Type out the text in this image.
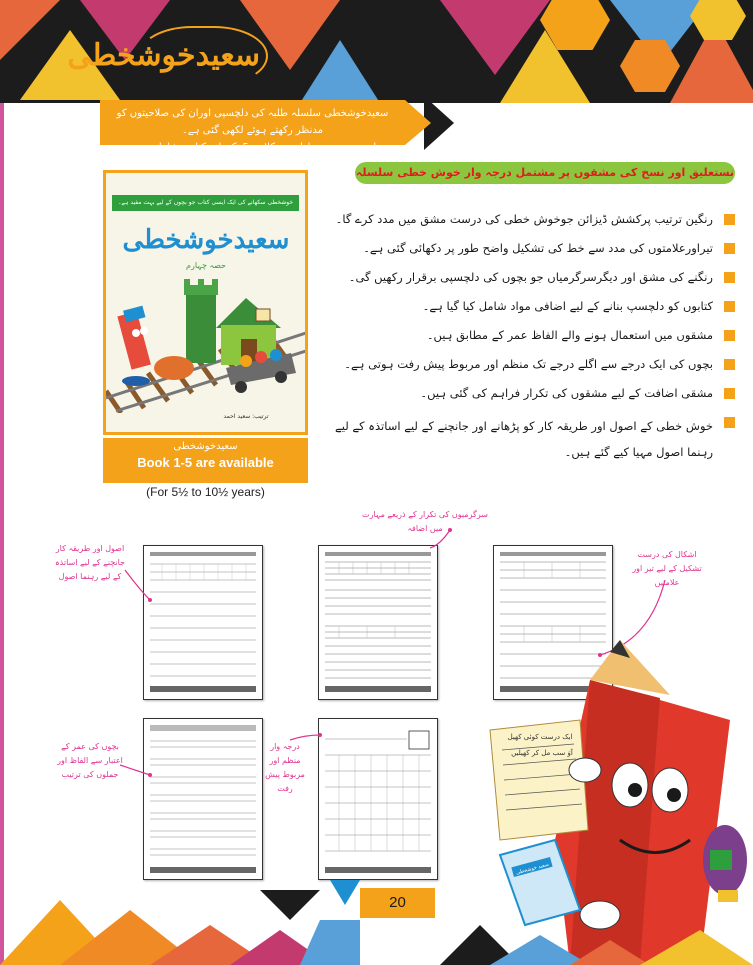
سعیدخوشخطی
سعیدخوشخطی سلسلہ طلبہ کی دلچسپی اوران کی صلاحیتوں کو مدنظر رکھتے ہوئے لکھی گئی ہے۔
اس سیریز میں اول سے کلاس 5 تک پانچ کتابیں شامل ہیں۔
خوشخطی سکھانے کی ایک ایسی کتاب جو بچوں کے لیے بہت مفید ہے۔
سعیدخوشخطی
حصہ چہارم
ترتیب: سعید احمد
سعیدخوشخطی
Book 1-5 are available
(For 5½ to 10½ years)
نستعلیق اور نسخ کی مشقوں پر مشتمل درجہ وار خوش خطی سلسلہ
رنگین ترتیب پرکشش ڈیزائن جوخوش خطی کی درست مشق میں مدد کرے گا۔
تیراورعلامتوں کی مدد سے خط کی تشکیل واضح طور پر دکھائی گئی ہے۔
رنگنے کی مشق اور دیگرسرگرمیاں جو بچوں کی دلچسپی برقرار رکھیں گی۔
کتابوں کو دلچسپ بنانے کے لیے اضافی مواد شامل کیا گیا ہے۔
مشقوں میں استعمال ہونے والے الفاظ عمر کے مطابق ہیں۔
بچوں کی ایک درجے سے اگلے درجے تک منظم اور مربوط پیش رفت ہوتی ہے۔
مشقی اضافت کے لیے مشقوں کی تکرار فراہم کی گئی ہیں۔
خوش خطی کے اصول اور طریقہ کار کو پڑھانے اور جانچنے کے لیے اساتذہ کے لیے رہنما اصول مہیا کیے گئے ہیں۔
سرگرمیوں کی تکرار کے ذریعے مہارت میں اضافہ
اصول اور طریقہ کار جانچنے کے لیے اساتذہ کے لیے رہنما اصول
اشکال کی درست تشکیل کے لیے تیر اور علامتیں
بچوں کی عمر کے اعتبار سے الفاظ اور جملوں کی ترتیب
درجہ وار منظم اور مربوط پیش رفت
ایک درست کوئی کھیل
آوَ سب مل کر کھیلیں
سعید خوشخطی
20
